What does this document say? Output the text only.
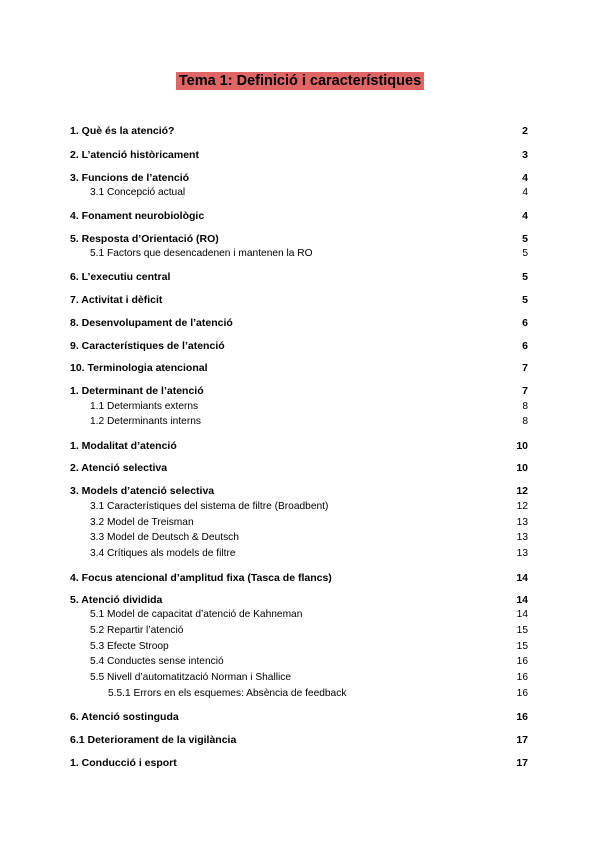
Tema 1: Definició i característiques
1. Què és la atenció?	2
2. L’atenció històricament	3
3. Funcions de l’atenció	4
3.1 Concepció actual	4
4. Fonament neurobiològic	4
5. Resposta d’Orientació (RO)	5
5.1 Factors que desencadenen i mantenen la RO	5
6. L’executiu central	5
7. Activitat i dèficit	5
8. Desenvolupament de l’atenció	6
9. Característiques de l’atenció	6
10. Terminologia atencional	7
1. Determinant de l’atenció	7
1.1 Determiants externs	8
1.2 Determinants interns	8
1. Modalitat d’atenció	10
2. Atenció selectiva	10
3. Models d’atenció selectiva	12
3.1 Característiques del sistema de filtre (Broadbent)	12
3.2 Model de Treisman	13
3.3 Model de Deutsch & Deutsch	13
3.4 Crítiques als models de filtre	13
4. Focus atencional d’amplitud fixa (Tasca de flancs)	14
5. Atenció dividida	14
5.1 Model de capacitat d’atenció de Kahneman	14
5.2 Repartir l’atenció	15
5.3 Efecte Stroop	15
5.4 Conductes sense intenció	16
5.5 Nivell d’automatització Norman i Shallice	16
5.5.1 Errors en els esquemes: Absència de feedback	16
6. Atenció sostinguda	16
6.1 Deteriorament de la vigilància	17
1. Conducció i esport	17
